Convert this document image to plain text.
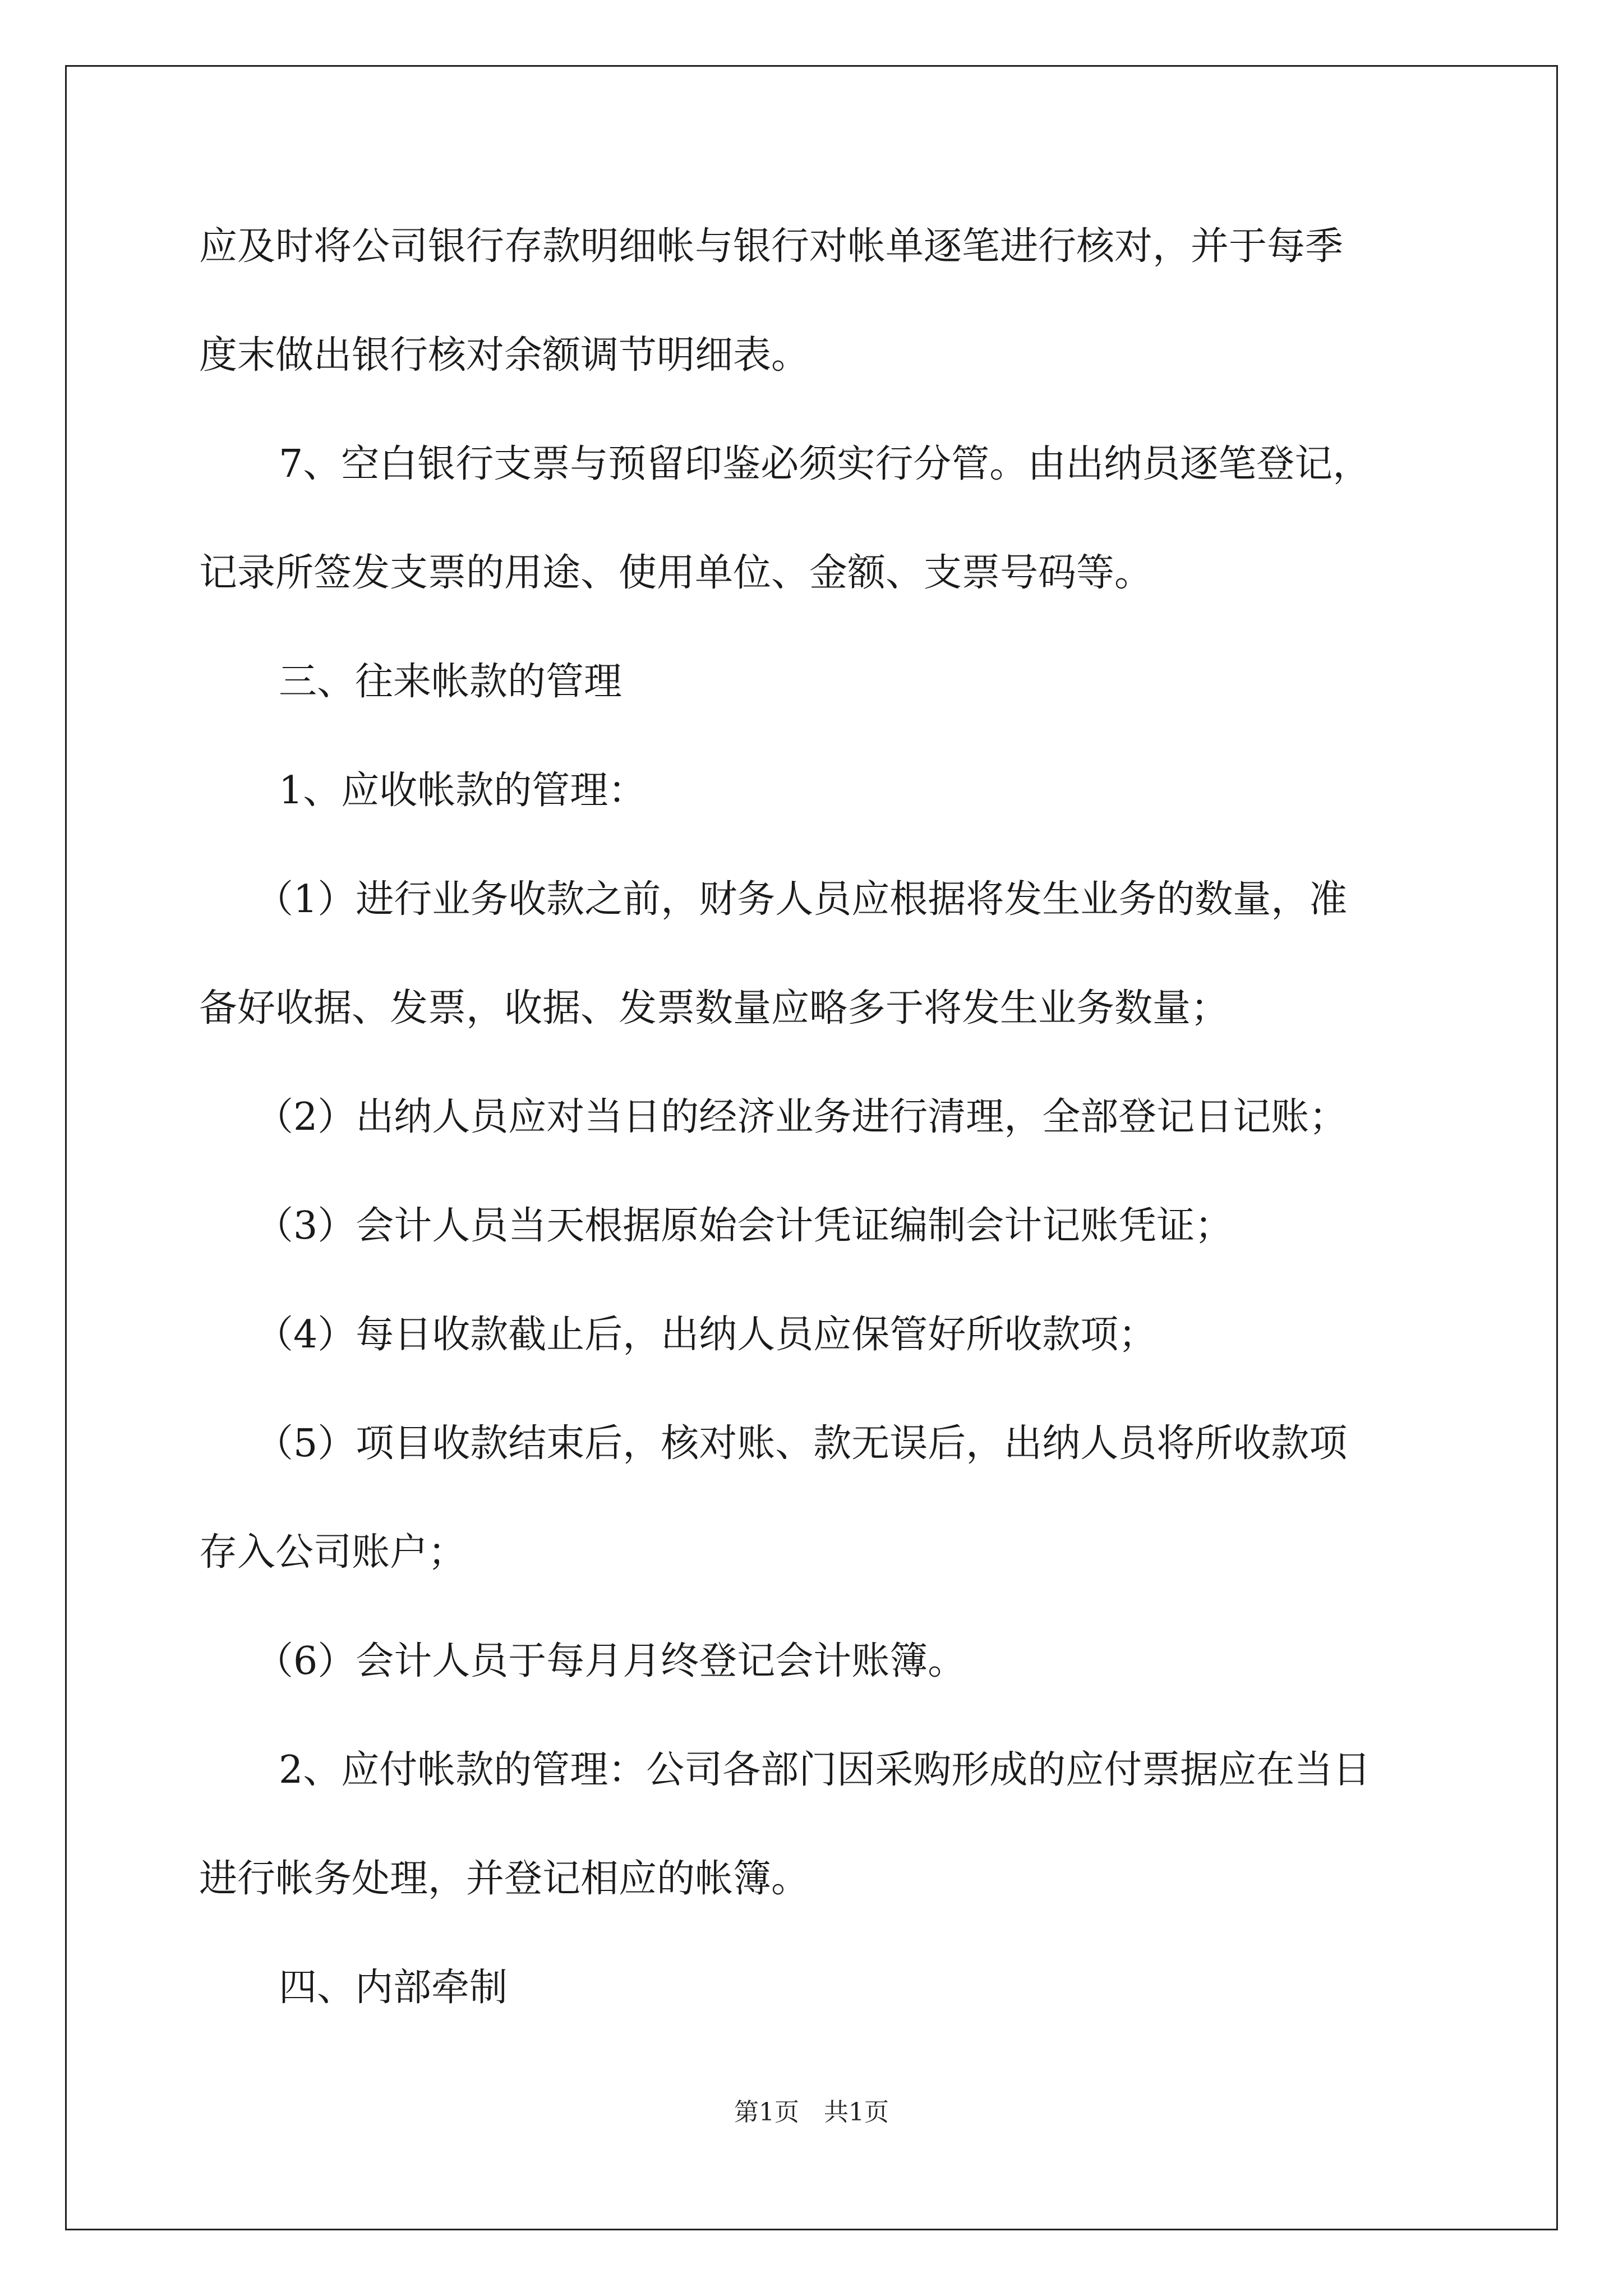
应及时将公司银行存款明细帐与银行对帐单逐笔进行核对，并于每季
度末做出银行核对余额调节明细表。
7、空白银行支票与预留印鉴必须实行分管。由出纳员逐笔登记，
记录所签发支票的用途、使用单位、金额、支票号码等。
三、往来帐款的管理
1、应收帐款的管理：
（1）进行业务收款之前，财务人员应根据将发生业务的数量，准
备好收据、发票，收据、发票数量应略多于将发生业务数量；
（2）出纳人员应对当日的经济业务进行清理，全部登记日记账；
（3）会计人员当天根据原始会计凭证编制会计记账凭证；
（4）每日收款截止后，出纳人员应保管好所收款项；
（5）项目收款结束后，核对账、款无误后，出纳人员将所收款项
存入公司账户；
（6）会计人员于每月月终登记会计账簿。
2、应付帐款的管理：公司各部门因采购形成的应付票据应在当日
进行帐务处理，并登记相应的帐簿。
四、内部牵制
第1页 共1页
